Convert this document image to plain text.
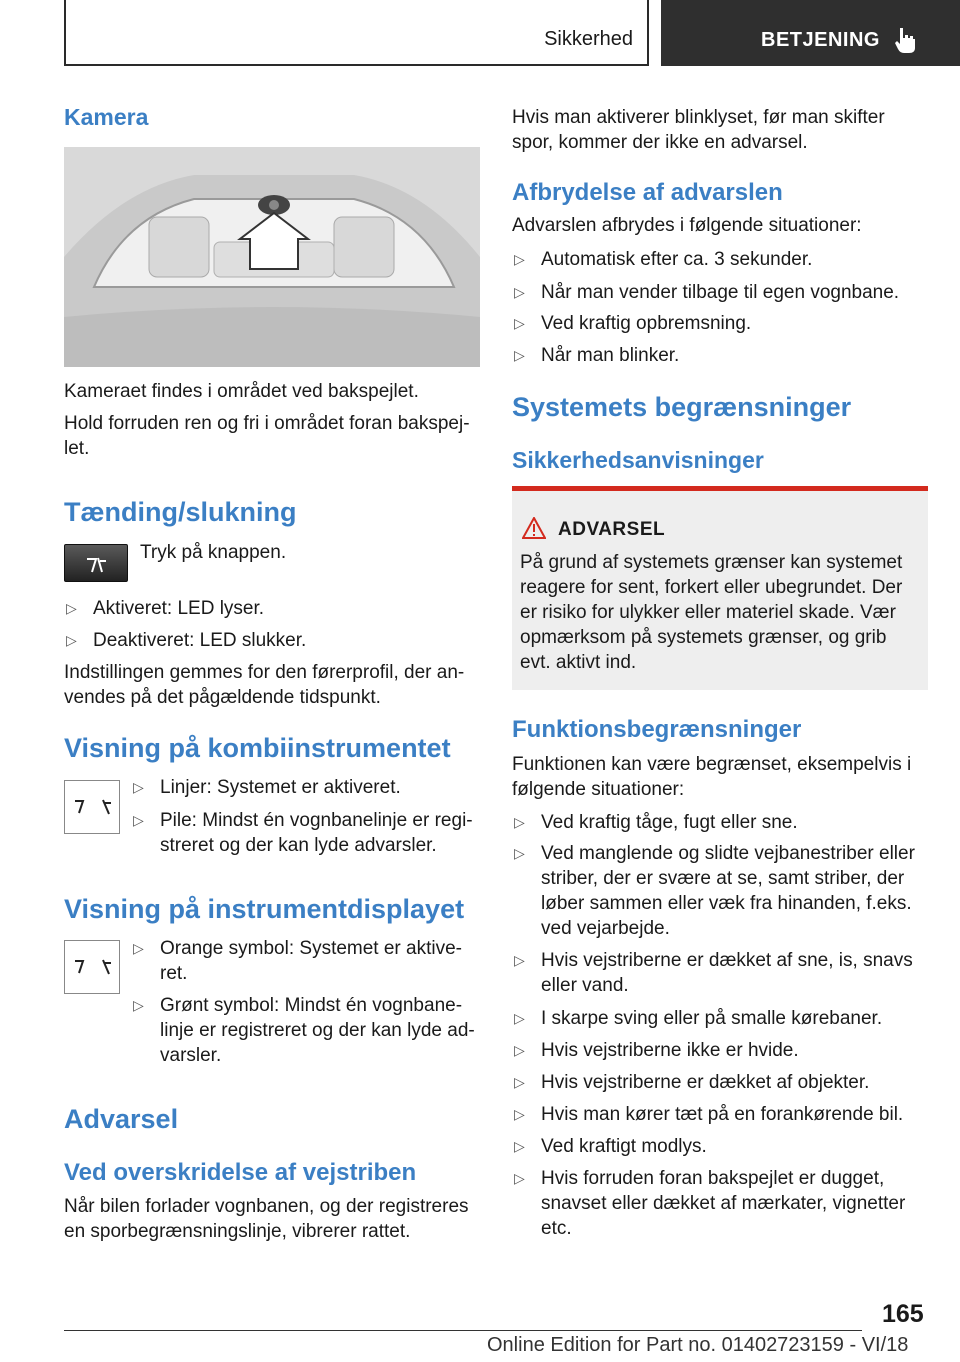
Sikkerhed	BETJENING
Kamera
Kameraet findes i området ved bakspejlet.
Hold forruden ren og fri i området foran bakspej-let.
Tænding/slukning
Tryk på knappen.
▷ Aktiveret: LED lyser.
▷ Deaktiveret: LED slukker.
Indstillingen gemmes for den førerprofil, der an-vendes på det pågældende tidspunkt.
Visning på kombiinstrumentet
▷ Linjer: Systemet er aktiveret.
▷ Pile: Mindst én vognbanelinje er regi-streret og der kan lyde advarsler.
Visning på instrumentdisplayet
▷ Orange symbol: Systemet er aktive-ret.
▷ Grønt symbol: Mindst én vognbane-linje er registreret og der kan lyde ad-varsler.
Advarsel
Ved overskridelse af vejstriben
Når bilen forlader vognbanen, og der registreres en sporbegrænsningslinje, vibrerer rattet.
Hvis man aktiverer blinklyset, før man skifter spor, kommer der ikke en advarsel.
Afbrydelse af advarslen
Advarslen afbrydes i følgende situationer:
▷ Automatisk efter ca. 3 sekunder.
▷ Når man vender tilbage til egen vognbane.
▷ Ved kraftig opbremsning.
▷ Når man blinker.
Systemets begrænsninger
Sikkerhedsanvisninger
ADVARSEL
På grund af systemets grænser kan systemet reagere for sent, forkert eller ubegrundet. Der er risiko for ulykker eller materiel skade. Vær opmærksom på systemets grænser, og grib evt. aktivt ind.
Funktionsbegrænsninger
Funktionen kan være begrænset, eksempelvis i følgende situationer:
▷ Ved kraftig tåge, fugt eller sne.
▷ Ved manglende og slidte vejbanestriber eller striber, der er svære at se, samt striber, der løber sammen eller væk fra hinanden, f.eks. ved vejarbejde.
▷ Hvis vejstriberne er dækket af sne, is, snavs eller vand.
▷ I skarpe sving eller på smalle kørebaner.
▷ Hvis vejstriberne ikke er hvide.
▷ Hvis vejstriberne er dækket af objekter.
▷ Hvis man kører tæt på en forankørende bil.
▷ Ved kraftigt modlys.
▷ Hvis forruden foran bakspejlet er dugget, snavset eller dækket af mærkater, vignetter etc.
165
Online Edition for Part no. 01402723159 - VI/18
